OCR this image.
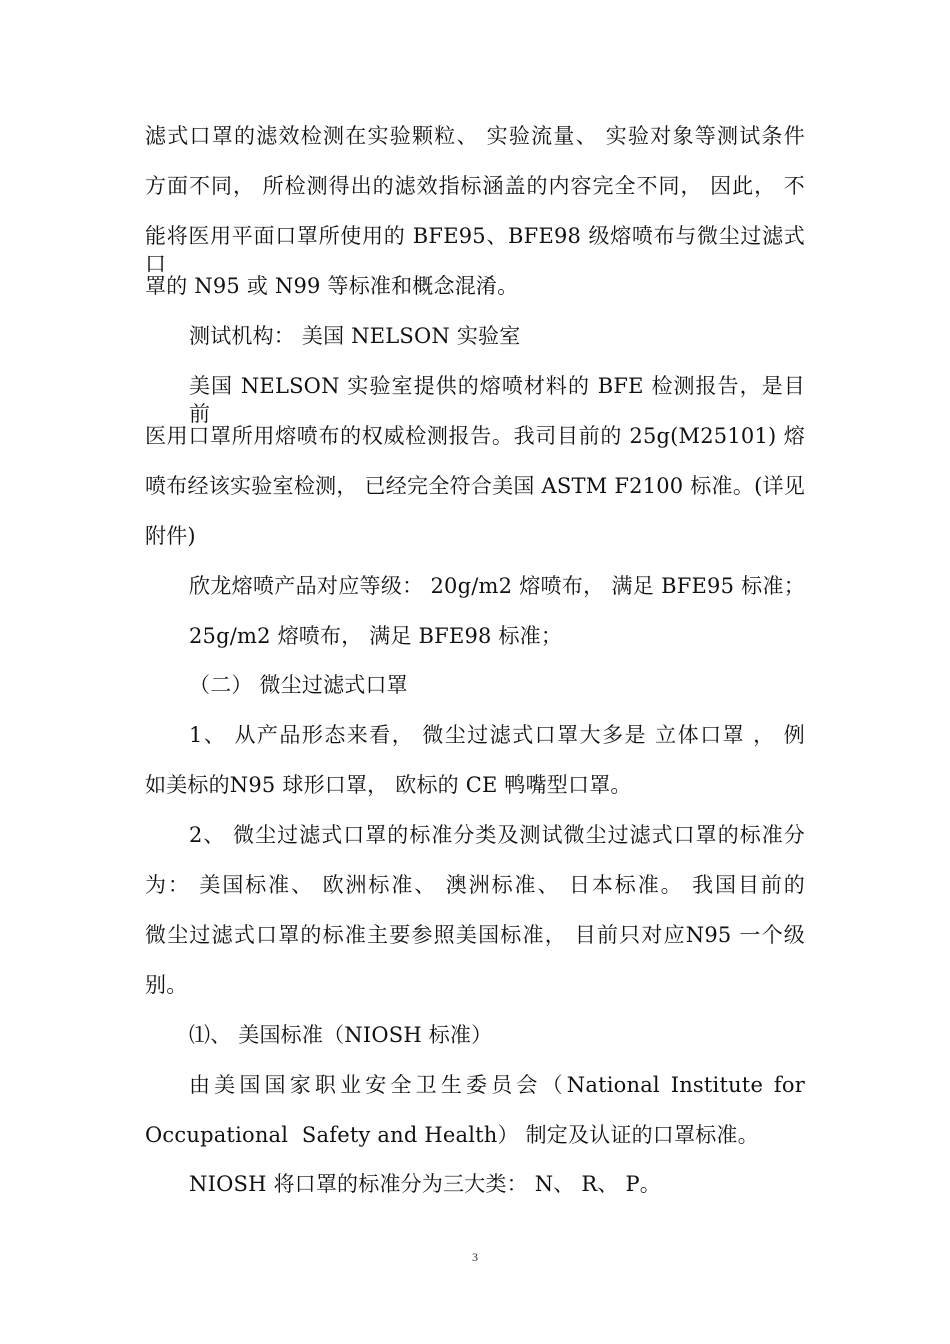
滤式口罩的滤效检测在实验颗粒、 实验流量、 实验对象等测试条件
方面不同， 所检测得出的滤效指标涵盖的内容完全不同， 因此， 不
能将医用平面口罩所使用的 BFE95、BFE98 级熔喷布与微尘过滤式口
罩的 N95 或 N99 等标准和概念混淆。
测试机构： 美国 NELSON 实验室
美国 NELSON 实验室提供的熔喷材料的 BFE 检测报告，是目前
医用口罩所用熔喷布的权威检测报告。我司目前的 25g(M25101) 熔
喷布经该实验室检测， 已经完全符合美国 ASTM F2100 标准。(详见
附件)
欣龙熔喷产品对应等级： 20g/m2 熔喷布， 满足 BFE95 标准；
25g/m2 熔喷布， 满足 BFE98 标准；
（二） 微尘过滤式口罩
1、 从产品形态来看， 微尘过滤式口罩大多是 立体口罩 ， 例
如美标的N95 球形口罩， 欧标的 CE 鸭嘴型口罩。
2、 微尘过滤式口罩的标准分类及测试微尘过滤式口罩的标准分
为： 美国标准、 欧洲标准、 澳洲标准、 日本标准。 我国目前的
微尘过滤式口罩的标准主要参照美国标准， 目前只对应N95 一个级
别。
⑴、 美国标准（NIOSH 标准）
由美国国家职业安全卫生委员会（National Institute for
Occupational  Safety and Health） 制定及认证的口罩标准。
NIOSH 将口罩的标准分为三大类： N、 R、 P。
3
